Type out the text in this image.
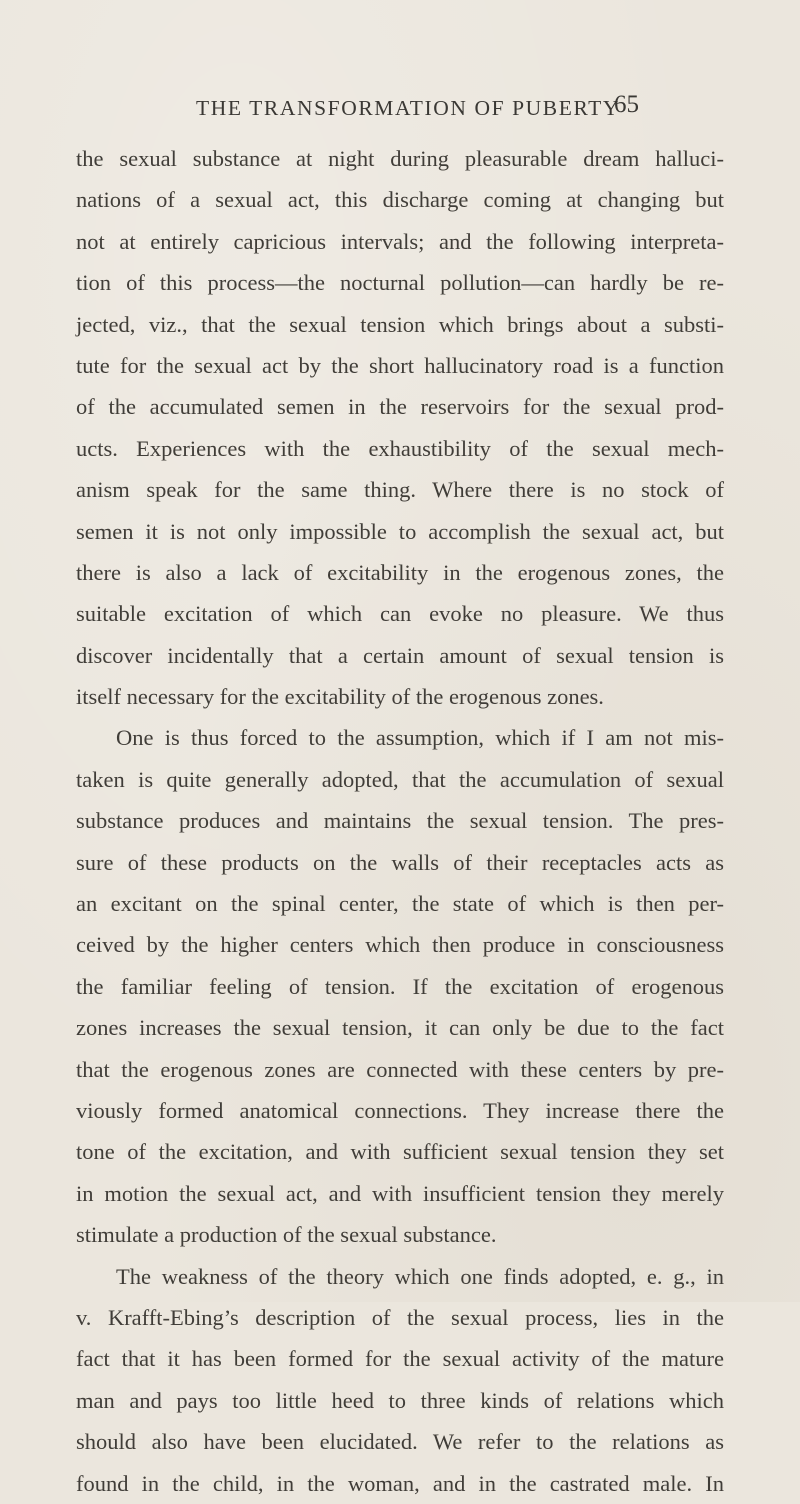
THE TRANSFORMATION OF PUBERTY
65
the sexual substance at night during pleasurable dream halluci-
nations of a sexual act, this discharge coming at changing but
not at entirely capricious intervals; and the following interpreta-
tion of this process—the nocturnal pollution—can hardly be re-
jected, viz., that the sexual tension which brings about a substi-
tute for the sexual act by the short hallucinatory road is a function
of the accumulated semen in the reservoirs for the sexual prod-
ucts. Experiences with the exhaustibility of the sexual mech-
anism speak for the same thing. Where there is no stock of
semen it is not only impossible to accomplish the sexual act, but
there is also a lack of excitability in the erogenous zones, the
suitable excitation of which can evoke no pleasure. We thus
discover incidentally that a certain amount of sexual tension is
itself necessary for the excitability of the erogenous zones.
One is thus forced to the assumption, which if I am not mis-
taken is quite generally adopted, that the accumulation of sexual
substance produces and maintains the sexual tension. The pres-
sure of these products on the walls of their receptacles acts as
an excitant on the spinal center, the state of which is then per-
ceived by the higher centers which then produce in consciousness
the familiar feeling of tension. If the excitation of erogenous
zones increases the sexual tension, it can only be due to the fact
that the erogenous zones are connected with these centers by pre-
viously formed anatomical connections. They increase there the
tone of the excitation, and with sufficient sexual tension they set
in motion the sexual act, and with insufficient tension they merely
stimulate a production of the sexual substance.
The weakness of the theory which one finds adopted, e. g., in
v. Krafft-Ebing’s description of the sexual process, lies in the
fact that it has been formed for the sexual activity of the mature
man and pays too little heed to three kinds of relations which
should also have been elucidated. We refer to the relations as
found in the child, in the woman, and in the castrated male. In
